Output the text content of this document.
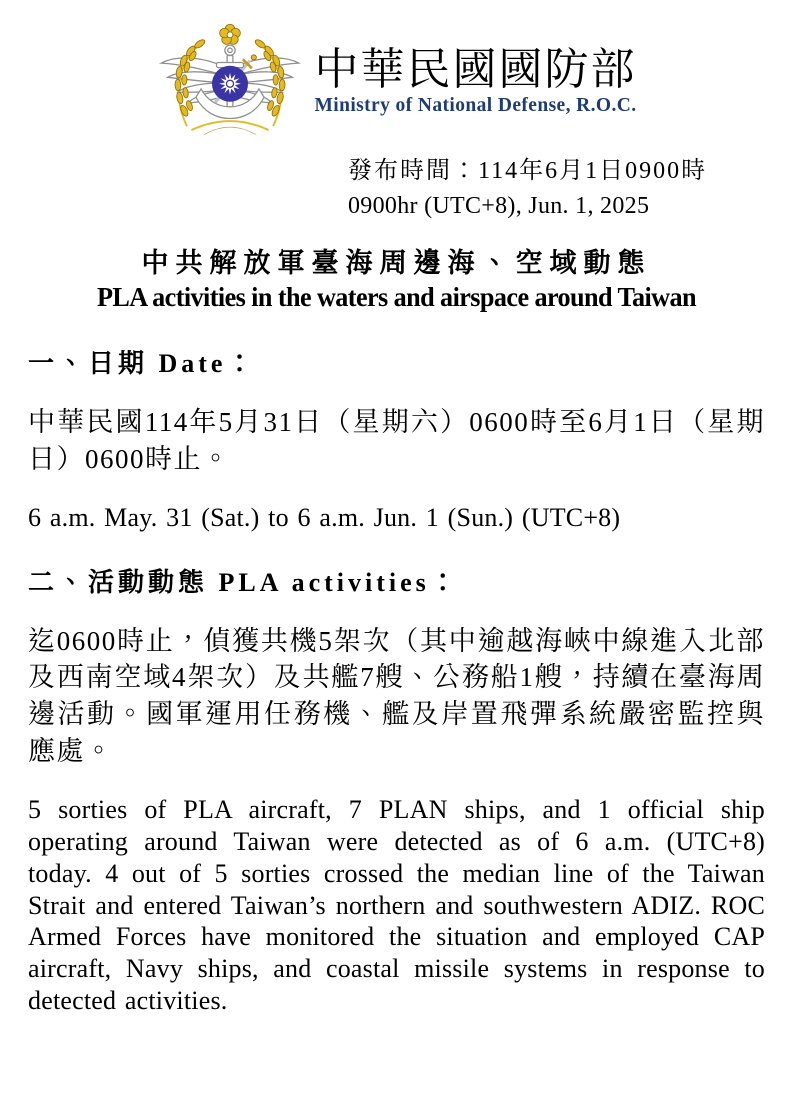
中華民國國防部
Ministry of National Defense, R.O.C.
發布時間：114年6月1日0900時
0900hr (UTC+8), Jun. 1, 2025
中共解放軍臺海周邊海、空域動態
PLA activities in the waters and airspace around Taiwan
一、日期 Date：

中華民國114年5月31日（星期六）0600時至6月1日（星期日）0600時止。

6 a.m. May. 31 (Sat.) to 6 a.m. Jun. 1 (Sun.) (UTC+8)

二、活動動態 PLA activities：

迄0600時止，偵獲共機5架次（其中逾越海峽中線進入北部及西南空域4架次）及共艦7艘、公務船1艘，持續在臺海周邊活動。國軍運用任務機、艦及岸置飛彈系統嚴密監控與應處。

5 sorties of PLA aircraft, 7 PLAN ships, and 1 official ship operating around Taiwan were detected as of 6 a.m. (UTC+8) today. 4 out of 5 sorties crossed the median line of the Taiwan Strait and entered Taiwan’s northern and southwestern ADIZ. ROC Armed Forces have monitored the situation and employed CAP aircraft, Navy ships, and coastal missile systems in response to detected activities.
